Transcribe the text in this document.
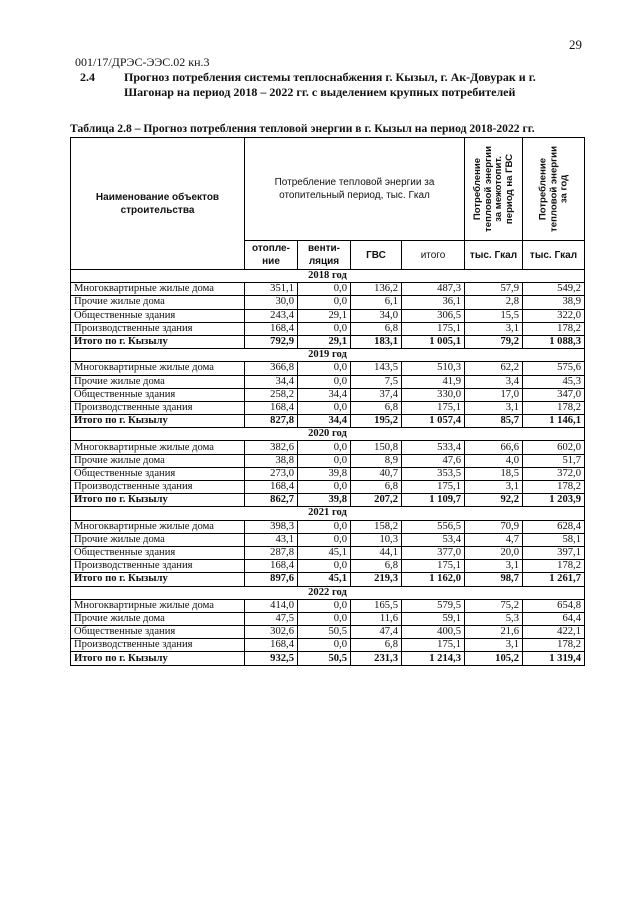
001/17/ДРЭС-ЭЭС.02 кн.3
29
2.4 Прогноз потребления системы теплоснабжения г. Кызыл, г. Ак-Довурак и г. Шагонар на период 2018 – 2022 гг. с выделением крупных потребителей
Таблица 2.8 – Прогноз потребления тепловой энергии в г. Кызыл на период 2018-2022 гг.
Наименование объектов строительства	Потребление тепловой энергии за отопительный период, тыс. Гкал				Потребление тепловой энергии за межотопит. период на ГВС	Потребление тепловой энергии за год

	отопле-ние	венти-ляция	ГВС	итого	тыс. Гкал	тыс. Гкал
2018 год						
Многоквартирные жилые дома	351,1	0,0	136,2	487,3	57,9	549,2
Прочие жилые дома	30,0	0,0	6,1	36,1	2,8	38,9
Общественные здания	243,4	29,1	34,0	306,5	15,5	322,0
Производственные здания	168,4	0,0	6,8	175,1	3,1	178,2
Итого по г. Кызылу	792,9	29,1	183,1	1 005,1	79,2	1 088,3
2019 год						
Многоквартирные жилые дома	366,8	0,0	143,5	510,3	62,2	575,6
Прочие жилые дома	34,4	0,0	7,5	41,9	3,4	45,3
Общественные здания	258,2	34,4	37,4	330,0	17,0	347,0
Производственные здания	168,4	0,0	6,8	175,1	3,1	178,2
Итого по г. Кызылу	827,8	34,4	195,2	1 057,4	85,7	1 146,1
2020 год						
Многоквартирные жилые дома	382,6	0,0	150,8	533,4	66,6	602,0
Прочие жилые дома	38,8	0,0	8,9	47,6	4,0	51,7
Общественные здания	273,0	39,8	40,7	353,5	18,5	372,0
Производственные здания	168,4	0,0	6,8	175,1	3,1	178,2
Итого по г. Кызылу	862,7	39,8	207,2	1 109,7	92,2	1 203,9
2021 год						
Многоквартирные жилые дома	398,3	0,0	158,2	556,5	70,9	628,4
Прочие жилые дома	43,1	0,0	10,3	53,4	4,7	58,1
Общественные здания	287,8	45,1	44,1	377,0	20,0	397,1
Производственные здания	168,4	0,0	6,8	175,1	3,1	178,2
Итого по г. Кызылу	897,6	45,1	219,3	1 162,0	98,7	1 261,7
2022 год						
Многоквартирные жилые дома	414,0	0,0	165,5	579,5	75,2	654,8
Прочие жилые дома	47,5	0,0	11,6	59,1	5,3	64,4
Общественные здания	302,6	50,5	47,4	400,5	21,6	422,1
Производственные здания	168,4	0,0	6,8	175,1	3,1	178,2
Итого по г. Кызылу	932,5	50,5	231,3	1 214,3	105,2	1 319,4
